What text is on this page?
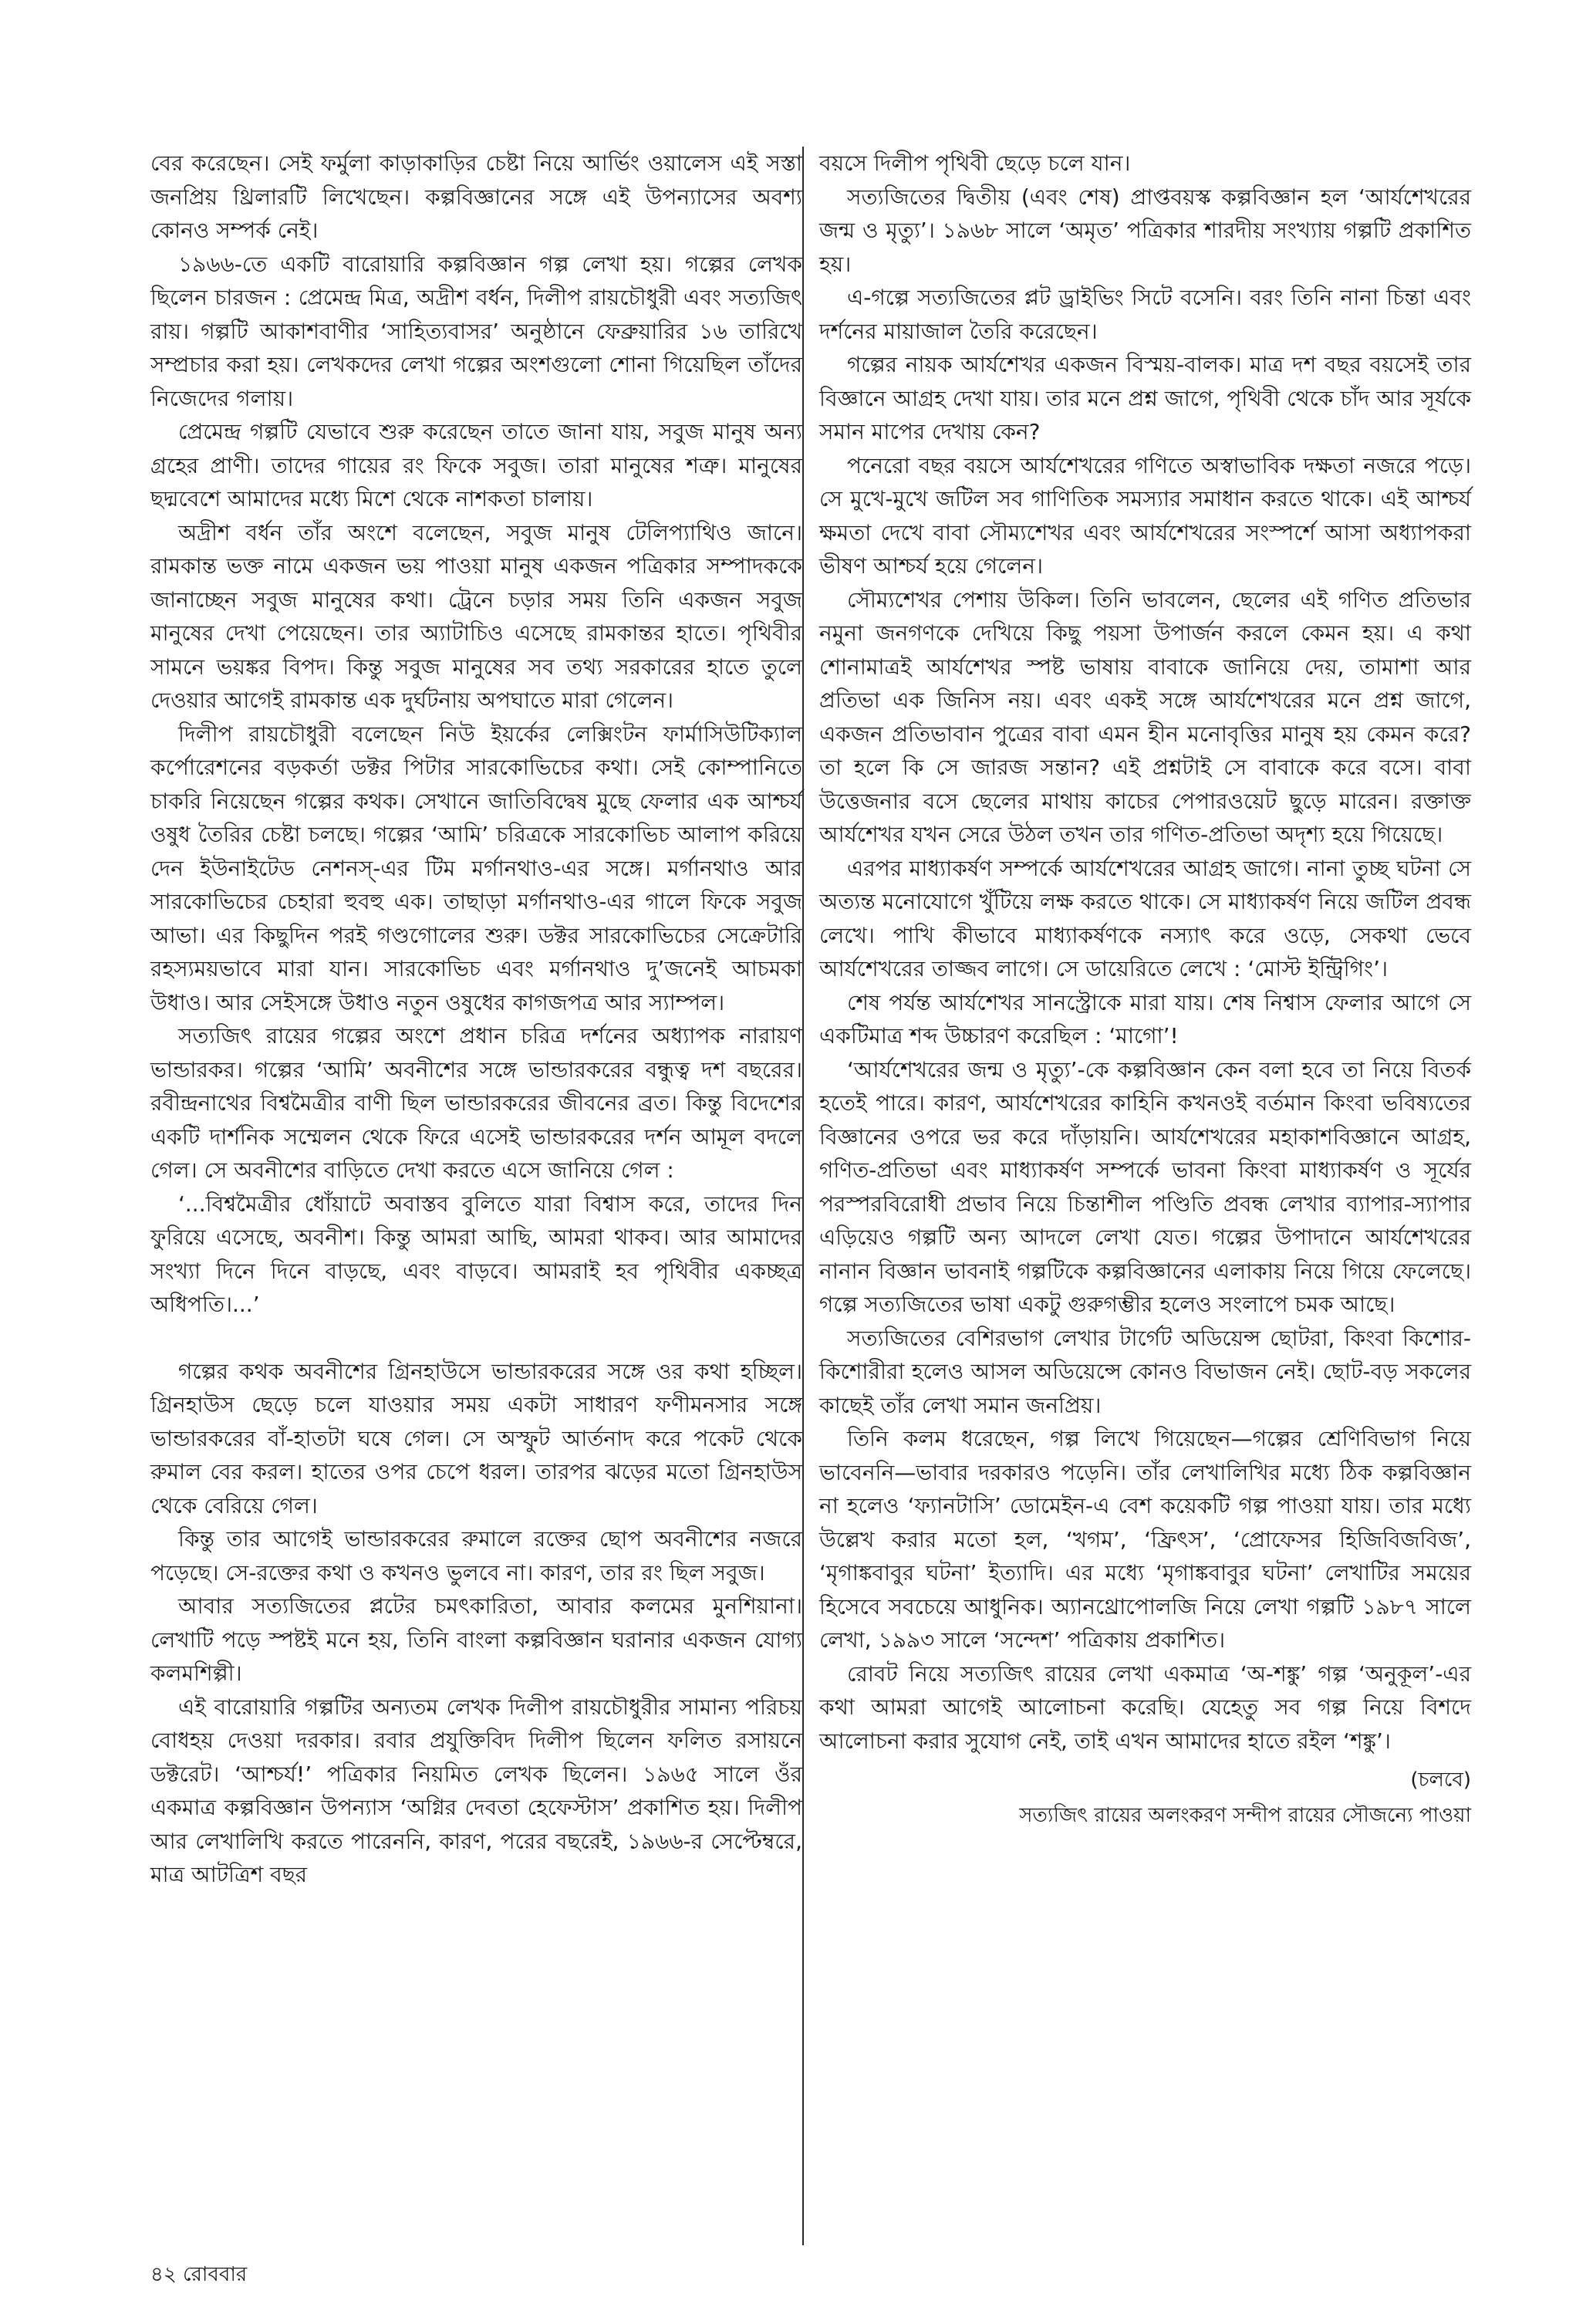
বের করেছেন। সেই ফর্মুলা কাড়াকাড়ির চেষ্টা নিয়ে আর্ভিং ওয়ালেস এই সস্তা জনপ্রিয় থ্রিলারটি লিখেছেন। কল্পবিজ্ঞানের সঙ্গে এই উপন্যাসের অবশ্য কোনও সম্পর্ক নেই।

১৯৬৬-তে একটি বারোয়ারি কল্পবিজ্ঞান গল্প লেখা হয়। গল্পের লেখক ছিলেন চারজন : প্রেমেন্দ্র মিত্র, অদ্রীশ বর্ধন, দিলীপ রায়চৌধুরী এবং সত্যজিৎ রায়। গল্পটি আকাশবাণীর ‘সাহিত্যবাসর’ অনুষ্ঠানে ফেব্রুয়ারির ১৬ তারিখে সম্প্রচার করা হয়। লেখকদের লেখা গল্পের অংশগুলো শোনা গিয়েছিল তাঁদের নিজেদের গলায়।

প্রেমেন্দ্র গল্পটি যেভাবে শুরু করেছেন তাতে জানা যায়, সবুজ মানুষ অন্য গ্রহের প্রাণী। তাদের গায়ের রং ফিকে সবুজ। তারা মানুষের শত্রু। মানুষের ছদ্মবেশে আমাদের মধ্যে মিশে থেকে নাশকতা চালায়।

অদ্রীশ বর্ধন তাঁর অংশে বলেছেন, সবুজ মানুষ টেলিপ্যাথিও জানে। রামকান্ত ভক্ত নামে একজন ভয় পাওয়া মানুষ একজন পত্রিকার সম্পাদককে জানাচ্ছেন সবুজ মানুষের কথা। ট্রেনে চড়ার সময় তিনি একজন সবুজ মানুষের দেখা পেয়েছেন। তার অ্যাটাচিও এসেছে রামকান্তর হাতে। পৃথিবীর সামনে ভয়ঙ্কর বিপদ। কিন্তু সবুজ মানুষের সব তথ্য সরকারের হাতে তুলে দেওয়ার আগেই রামকান্ত এক দুর্ঘটনায় অপঘাতে মারা গেলেন।

দিলীপ রায়চৌধুরী বলেছেন নিউ ইয়র্কের লেক্সিংটন ফার্মাসিউটিক্যাল কর্পোরেশনের বড়কর্তা ডক্টর পিটার সারকোভিচের কথা। সেই কোম্পানিতে চাকরি নিয়েছেন গল্পের কথক। সেখানে জাতিবিদ্বেষ মুছে ফেলার এক আশ্চর্য ওষুধ তৈরির চেষ্টা চলছে। গল্পের ‘আমি’ চরিত্রকে সারকোভিচ আলাপ করিয়ে দেন ইউনাইটেড নেশনস্-এর টিম মর্গানথাও-এর সঙ্গে। মর্গানথাও আর সারকোভিচের চেহারা হুবহু এক। তাছাড়া মর্গানথাও-এর গালে ফিকে সবুজ আভা। এর কিছুদিন পরই গণ্ডগোলের শুরু। ডক্টর সারকোভিচের সেক্রেটারি রহস্যময়ভাবে মারা যান। সারকোভিচ এবং মর্গানথাও দু’জনেই আচমকা উধাও। আর সেইসঙ্গে উধাও নতুন ওষুধের কাগজপত্র আর স্যাম্পল।

সত্যজিৎ রায়ের গল্পের অংশে প্রধান চরিত্র দর্শনের অধ্যাপক নারায়ণ ভান্ডারকর। গল্পের ‘আমি’ অবনীশের সঙ্গে ভান্ডারকরের বন্ধুত্ব দশ বছরের। রবীন্দ্রনাথের বিশ্বমৈত্রীর বাণী ছিল ভান্ডারকরের জীবনের ব্রত। কিন্তু বিদেশের একটি দার্শনিক সম্মেলন থেকে ফিরে এসেই ভান্ডারকরের দর্শন আমূল বদলে গেল। সে অবনীশের বাড়িতে দেখা করতে এসে জানিয়ে গেল :

‘...বিশ্বমৈত্রীর ধোঁয়াটে অবাস্তব বুলিতে যারা বিশ্বাস করে, তাদের দিন ফুরিয়ে এসেছে, অবনীশ। কিন্তু আমরা আছি, আমরা থাকব। আর আমাদের সংখ্যা দিনে দিনে বাড়ছে, এবং বাড়বে। আমরাই হব পৃথিবীর একচ্ছত্র অধিপতি।...’

গল্পের কথক অবনীশের গ্রিনহাউসে ভান্ডারকরের সঙ্গে ওর কথা হচ্ছিল। গ্রিনহাউস ছেড়ে চলে যাওয়ার সময় একটা সাধারণ ফণীমনসার সঙ্গে ভান্ডারকরের বাঁ-হাতটা ঘষে গেল। সে অস্ফুট আর্তনাদ করে পকেট থেকে রুমাল বের করল। হাতের ওপর চেপে ধরল। তারপর ঝড়ের মতো গ্রিনহাউস থেকে বেরিয়ে গেল।

কিন্তু তার আগেই ভান্ডারকরের রুমালে রক্তের ছোপ অবনীশের নজরে পড়েছে। সে-রক্তের কথা ও কখনও ভুলবে না। কারণ, তার রং ছিল সবুজ।

আবার সত্যজিতের প্লটের চমৎকারিতা, আবার কলমের মুনশিয়ানা। লেখাটি পড়ে স্পষ্টই মনে হয়, তিনি বাংলা কল্পবিজ্ঞান ঘরানার একজন যোগ্য কলমশিল্পী।

এই বারোয়ারি গল্পটির অন্যতম লেখক দিলীপ রায়চৌধুরীর সামান্য পরিচয় বোধহয় দেওয়া দরকার। রবার প্রযুক্তিবিদ দিলীপ ছিলেন ফলিত রসায়নে ডক্টরেট। ‘আশ্চর্য!’ পত্রিকার নিয়মিত লেখক ছিলেন। ১৯৬৫ সালে ওঁর একমাত্র কল্পবিজ্ঞান উপন্যাস ‘অগ্নির দেবতা হেফেস্টাস’ প্রকাশিত হয়। দিলীপ আর লেখালিখি করতে পারেননি, কারণ, পরের বছরেই, ১৯৬৬-র সেপ্টেম্বরে, মাত্র আটত্রিশ বছর

বয়সে দিলীপ পৃথিবী ছেড়ে চলে যান।

সত্যজিতের দ্বিতীয় (এবং শেষ) প্রাপ্তবয়স্ক কল্পবিজ্ঞান হল ‘আর্যশেখরের জন্ম ও মৃত্যু’। ১৯৬৮ সালে ‘অমৃত’ পত্রিকার শারদীয় সংখ্যায় গল্পটি প্রকাশিত হয়।

এ-গল্পে সত্যজিতের প্লট ড্রাইভিং সিটে বসেনি। বরং তিনি নানা চিন্তা এবং দর্শনের মায়াজাল তৈরি করেছেন।

গল্পের নায়ক আর্যশেখর একজন বিস্ময়-বালক। মাত্র দশ বছর বয়সেই তার বিজ্ঞানে আগ্রহ দেখা যায়। তার মনে প্রশ্ন জাগে, পৃথিবী থেকে চাঁদ আর সূর্যকে সমান মাপের দেখায় কেন?

পনেরো বছর বয়সে আর্যশেখরের গণিতে অস্বাভাবিক দক্ষতা নজরে পড়ে। সে মুখে-মুখে জটিল সব গাণিতিক সমস্যার সমাধান করতে থাকে। এই আশ্চর্য ক্ষমতা দেখে বাবা সৌম্যশেখর এবং আর্যশেখরের সংস্পর্শে আসা অধ্যাপকরা ভীষণ আশ্চর্য হয়ে গেলেন।

সৌম্যশেখর পেশায় উকিল। তিনি ভাবলেন, ছেলের এই গণিত প্রতিভার নমুনা জনগণকে দেখিয়ে কিছু পয়সা উপার্জন করলে কেমন হয়। এ কথা শোনামাত্রই আর্যশেখর স্পষ্ট ভাষায় বাবাকে জানিয়ে দেয়, তামাশা আর প্রতিভা এক জিনিস নয়। এবং একই সঙ্গে আর্যশেখরের মনে প্রশ্ন জাগে, একজন প্রতিভাবান পুত্রের বাবা এমন হীন মনোবৃত্তির মানুষ হয় কেমন করে? তা হলে কি সে জারজ সন্তান? এই প্রশ্নটাই সে বাবাকে করে বসে। বাবা উত্তেজনার বসে ছেলের মাথায় কাচের পেপারওয়েট ছুড়ে মারেন। রক্তাক্ত আর্যশেখর যখন সেরে উঠল তখন তার গণিত-প্রতিভা অদৃশ্য হয়ে গিয়েছে।

এরপর মাধ্যাকর্ষণ সম্পর্কে আর্যশেখরের আগ্রহ জাগে। নানা তুচ্ছ ঘটনা সে অত্যন্ত মনোযোগে খুঁটিয়ে লক্ষ করতে থাকে। সে মাধ্যাকর্ষণ নিয়ে জটিল প্রবন্ধ লেখে। পাখি কীভাবে মাধ্যাকর্ষণকে নস্যাৎ করে ওড়ে, সেকথা ভেবে আর্যশেখরের তাজ্জব লাগে। সে ডায়েরিতে লেখে : ‘মোস্ট ইন্ট্রিগিং’।

শেষ পর্যন্ত আর্যশেখর সানস্ট্রোকে মারা যায়। শেষ নিশ্বাস ফেলার আগে সে একটিমাত্র শব্দ উচ্চারণ করেছিল : ‘মাগো’!

‘আর্যশেখরের জন্ম ও মৃত্যু’-কে কল্পবিজ্ঞান কেন বলা হবে তা নিয়ে বিতর্ক হতেই পারে। কারণ, আর্যশেখরের কাহিনি কখনওই বর্তমান কিংবা ভবিষ্যতের বিজ্ঞানের ওপরে ভর করে দাঁড়ায়নি। আর্যশেখরের মহাকাশবিজ্ঞানে আগ্রহ, গণিত-প্রতিভা এবং মাধ্যাকর্ষণ সম্পর্কে ভাবনা কিংবা মাধ্যাকর্ষণ ও সূর্যের পরস্পরবিরোধী প্রভাব নিয়ে চিন্তাশীল পণ্ডিতি প্রবন্ধ লেখার ব্যাপার-স্যাপার এড়িয়েও গল্পটি অন্য আদলে লেখা যেত। গল্পের উপাদানে আর্যশেখরের নানান বিজ্ঞান ভাবনাই গল্পটিকে কল্পবিজ্ঞানের এলাকায় নিয়ে গিয়ে ফেলেছে। গল্পে সত্যজিতের ভাষা একটু গুরুগম্ভীর হলেও সংলাপে চমক আছে।

সত্যজিতের বেশিরভাগ লেখার টার্গেট অডিয়েন্স ছোটরা, কিংবা কিশোর-কিশোরীরা হলেও আসল অডিয়েন্সে কোনও বিভাজন নেই। ছোট-বড় সকলের কাছেই তাঁর লেখা সমান জনপ্রিয়।

তিনি কলম ধরেছেন, গল্প লিখে গিয়েছেন—গল্পের শ্রেণিবিভাগ নিয়ে ভাবেননি—ভাবার দরকারও পড়েনি। তাঁর লেখালিখির মধ্যে ঠিক কল্পবিজ্ঞান না হলেও ‘ফ্যানটাসি’ ডোমেইন-এ বেশ কয়েকটি গল্প পাওয়া যায়। তার মধ্যে উল্লেখ করার মতো হল, ‘খগম’, ‘ফ্রিৎস’, ‘প্রোফেসর হিজিবিজবিজ’, ‘মৃগাঙ্কবাবুর ঘটনা’ ইত্যাদি। এর মধ্যে ‘মৃগাঙ্কবাবুর ঘটনা’ লেখাটির সময়ের হিসেবে সবচেয়ে আধুনিক। অ্যানথ্রোপোলজি নিয়ে লেখা গল্পটি ১৯৮৭ সালে লেখা, ১৯৯৩ সালে ‘সন্দেশ’ পত্রিকায় প্রকাশিত।

রোবট নিয়ে সত্যজিৎ রায়ের লেখা একমাত্র ‘অ-শঙ্কু’ গল্প ‘অনুকূল’-এর কথা আমরা আগেই আলোচনা করেছি। যেহেতু সব গল্প নিয়ে বিশদে আলোচনা করার সুযোগ নেই, তাই এখন আমাদের হাতে রইল ‘শঙ্কু’।

(চলবে)
সত্যজিৎ রায়ের অলংকরণ সন্দীপ রায়ের সৌজন্যে পাওয়া
৪২ রোববার
